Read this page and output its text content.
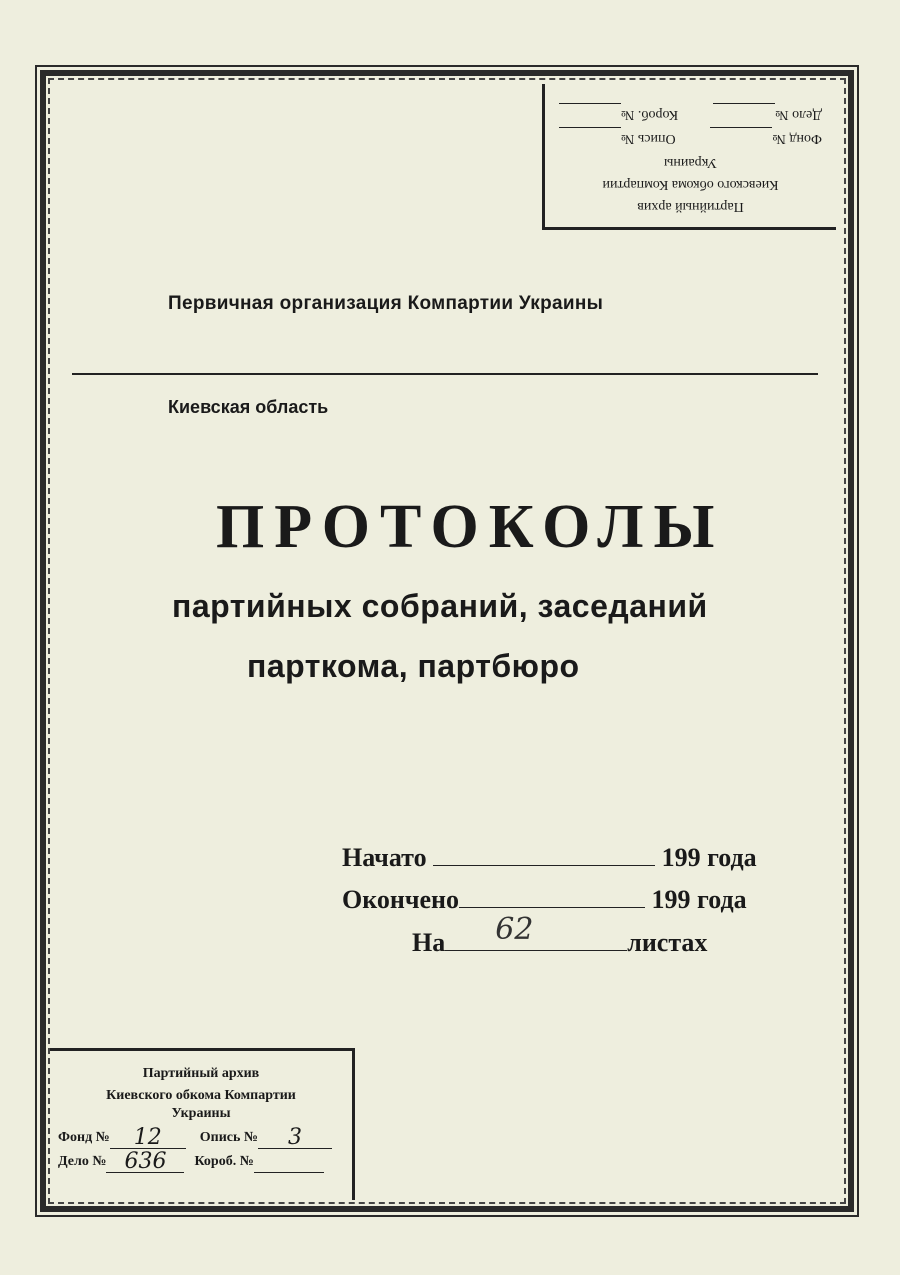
Партийный архив
Киевского обкома Компартии
Украины
Фонд №
Опись №
Дело №
Короб. №
Первичная организация Компартии Украины
Киевская область
ПРОТОКОЛЫ
партийных собраний, заседаний
парткома, партбюро
Начато	199 года
Окончено	199 года
На 62	листах
Партийный архив
Киевского обкома Компартии
Украины
Фонд №	12	Опись №	3
Дело № 636	Короб. №
